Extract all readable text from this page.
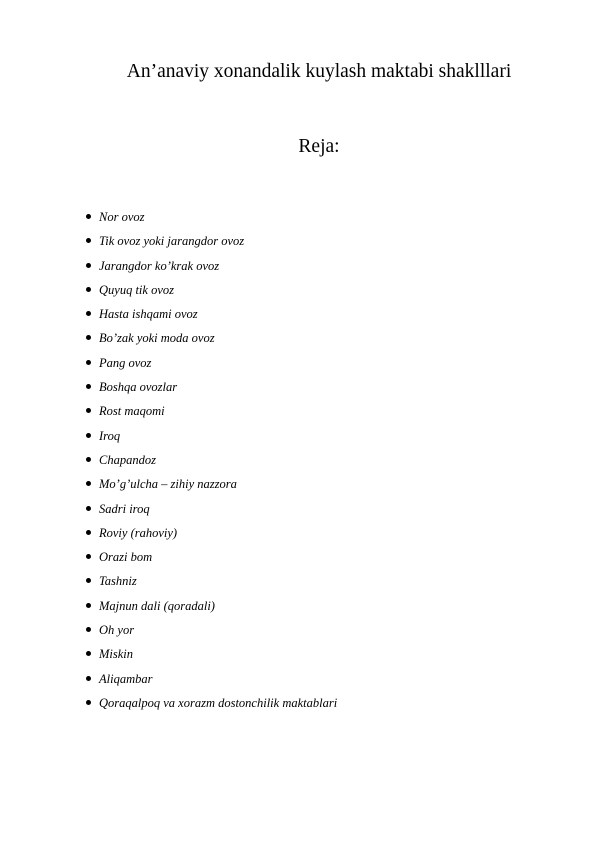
An’anaviy xonandalik kuylash maktabi shaklllari
Reja:
Nor ovoz
Tik ovoz yoki jarangdor ovoz
Jarangdor ko’krak ovoz
Quyuq tik ovoz
Hasta ishqami ovoz
Bo’zak yoki moda ovoz
Pang ovoz
Boshqa ovozlar
Rost maqomi
Iroq
Chapandoz
Mo’g’ulcha – zihiy nazzora
Sadri iroq
Roviy (rahoviy)
Orazi bom
Tashniz
Majnun dali (qoradali)
Oh yor
Miskin
Aliqambar
Qoraqalpoq va xorazm dostonchilik maktablari
